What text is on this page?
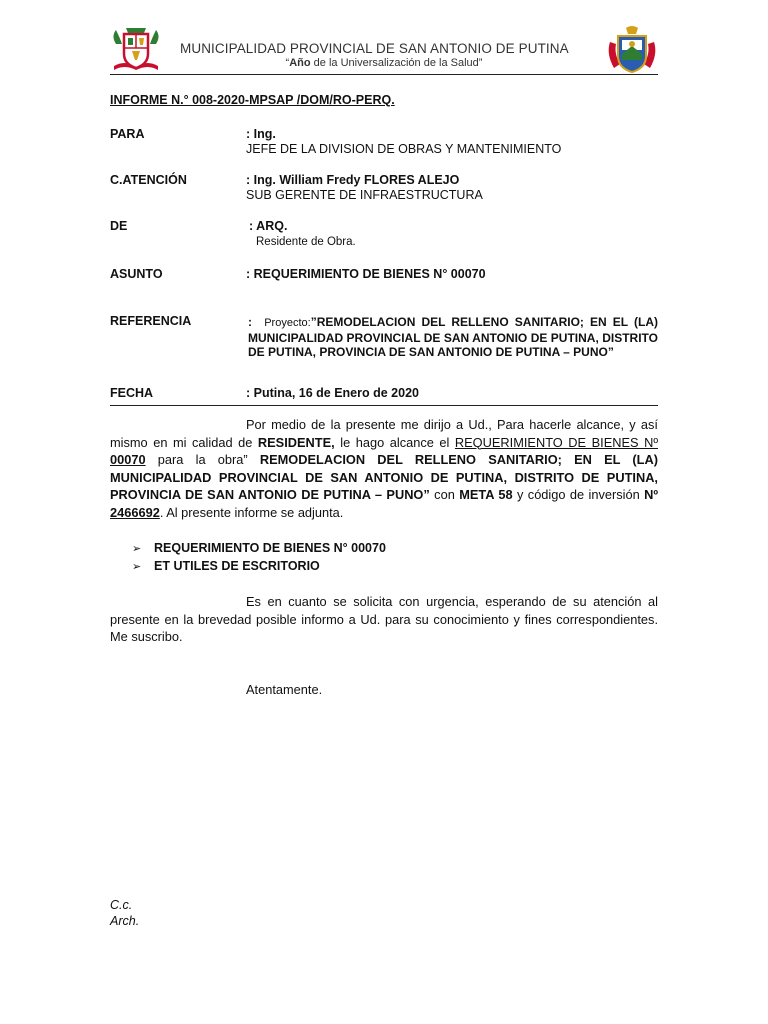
MUNICIPALIDAD PROVINCIAL DE SAN ANTONIO DE PUTINA
“Año de la Universalización de la Salud”
INFORME N.° 008-2020-MPSAP /DOM/RO-PERQ.
PARA	: Ing.
JEFE DE LA DIVISION DE OBRAS Y MANTENIMIENTO
C.ATENCIÓN	: Ing. William Fredy FLORES ALEJO
SUB GERENTE DE INFRAESTRUCTURA
DE	: ARQ.
Residente de Obra.
ASUNTO	: REQUERIMIENTO DE BIENES N° 00070
REFERENCIA	: Proyecto:”REMODELACION DEL RELLENO SANITARIO; EN EL (LA) MUNICIPALIDAD PROVINCIAL DE SAN ANTONIO DE PUTINA, DISTRITO DE PUTINA, PROVINCIA DE SAN ANTONIO DE PUTINA – PUNO”
FECHA	: Putina, 16 de Enero de 2020
Por medio de la presente me dirijo a Ud., Para hacerle alcance, y así mismo en mi calidad de RESIDENTE, le hago alcance el REQUERIMIENTO DE BIENES Nº 00070 para la obra” REMODELACION DEL RELLENO SANITARIO; EN EL (LA) MUNICIPALIDAD PROVINCIAL DE SAN ANTONIO DE PUTINA, DISTRITO DE PUTINA, PROVINCIA DE SAN ANTONIO DE PUTINA – PUNO” con META 58 y código de inversión Nº 2466692. Al presente informe se adjunta.
➢ REQUERIMIENTO DE BIENES N° 00070
➢ ET UTILES DE ESCRITORIO
Es en cuanto se solicita con urgencia, esperando de su atención al presente en la brevedad posible informo a Ud. para su conocimiento y fines correspondientes. Me suscribo.
Atentamente.
C.c.
Arch.
